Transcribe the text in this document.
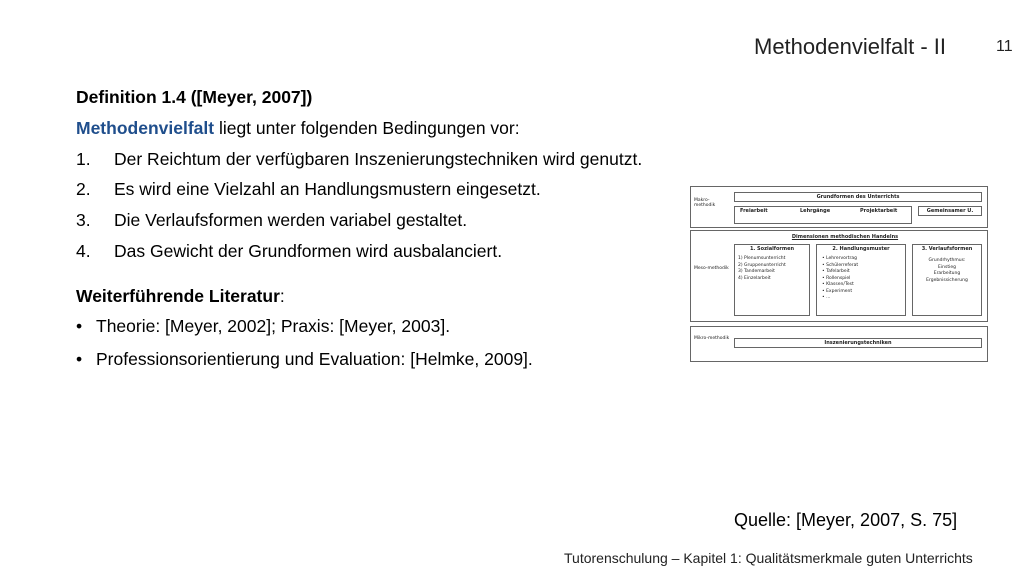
Methodenvielfalt - II	11
Definition 1.4 ([Meyer, 2007])
Methodenvielfalt liegt unter folgenden Bedingungen vor:
1.	Der Reichtum der verfügbaren Inszenierungstechniken wird genutzt.
2.	Es wird eine Vielzahl an Handlungsmustern eingesetzt.
3.	Die Verlaufsformen werden variabel gestaltet.
4.	Das Gewicht der Grundformen wird ausbalanciert.
Weiterführende Literatur:
• Theorie: [Meyer, 2002]; Praxis: [Meyer, 2003].
• Professionsorientierung und Evaluation: [Helmke, 2009].
Makro-methodik
Grundformen des Unterrichts
Freiarbeit	Lehrgänge	Projektarbeit	Gemeinsamer U.
Meso-methodik
Dimensionen methodischen Handelns
1. Sozialformen
1) Plenumsunterricht
2) Gruppenunterricht
3) Tandemarbeit
4) Einzelarbeit
2. Handlungsmuster
• Lehrervortrag
• Schülerreferat
• Tafelarbeit
• Rollenspiel
• Klassen/Test
• Experiment
• ...
3. Verlaufsformen
Grundrhythmus:
Einstieg
Erarbeitung
Ergebnissicherung
Mikro-methodik
Inszenierungstechniken
Quelle: [Meyer, 2007, S. 75]
Tutorenschulung – Kapitel 1: Qualitätsmerkmale guten Unterrichts
